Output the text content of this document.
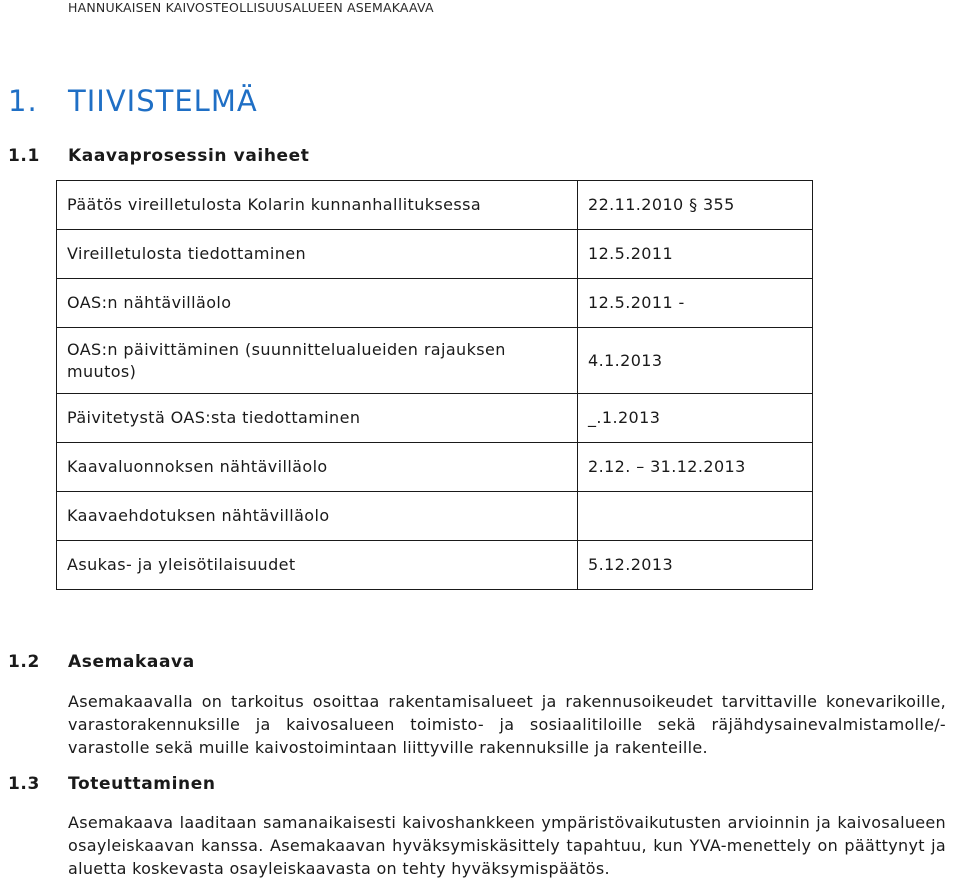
HANNUKAISEN KAIVOSTEOLLISUUSALUEEN ASEMAKAAVA
1. TIIVISTELMÄ
1.1 Kaavaprosessin vaiheet
Päätös vireilletulosta Kolarin kunnanhallituksessa	22.11.2010 § 355
Vireilletulosta tiedottaminen	12.5.2011
OAS:n nähtävilläolo	12.5.2011 -
OAS:n päivittäminen (suunnittelualueiden rajauksen muutos)	4.1.2013
Päivitetystä OAS:sta tiedottaminen	_.1.2013
Kaavaluonnoksen nähtävilläolo	2.12. – 31.12.2013
Kaavaehdotuksen nähtävilläolo	
Asukas- ja yleisötilaisuudet	5.12.2013
1.2 Asemakaava
Asemakaavalla on tarkoitus osoittaa rakentamisalueet ja rakennusoikeudet tarvittaville konevarikoille, varastorakennuksille ja kaivosalueen toimisto- ja sosiaalitiloille sekä räjähdysainevalmistamolle/-varastolle sekä muille kaivostoimintaan liittyville rakennuksille ja rakenteille.
1.3 Toteuttaminen
Asemakaava laaditaan samanaikaisesti kaivoshankkeen ympäristövaikutusten arvioinnin ja kaivosalueen osayleiskaavan kanssa. Asemakaavan hyväksymiskäsittely tapahtuu, kun YVA-menettely on päättynyt ja aluetta koskevasta osayleiskaavasta on tehty hyväksymispäätös.
